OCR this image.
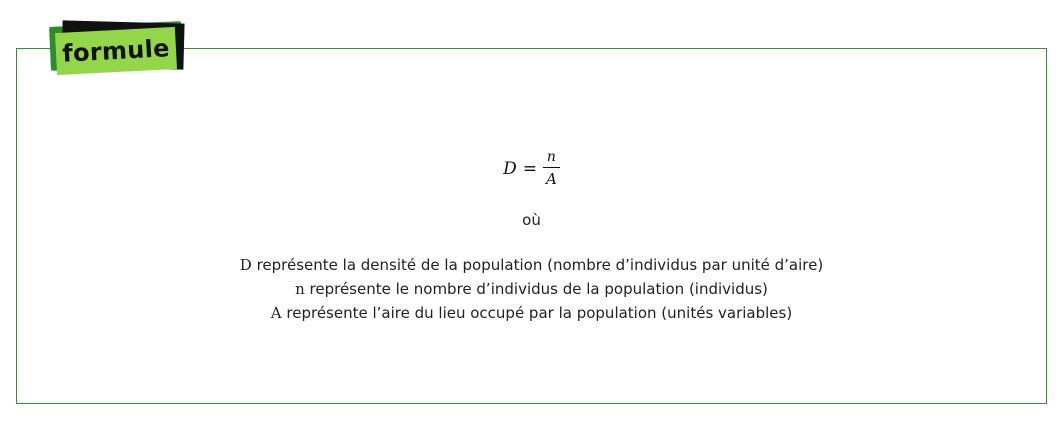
$D = \frac{n}{A}$
où
D représente la densité de la population (nombre d’individus par unité d’aire)
n représente le nombre d’individus de la population (individus)
A représente l’aire du lieu occupé par la population (unités variables)
formule
